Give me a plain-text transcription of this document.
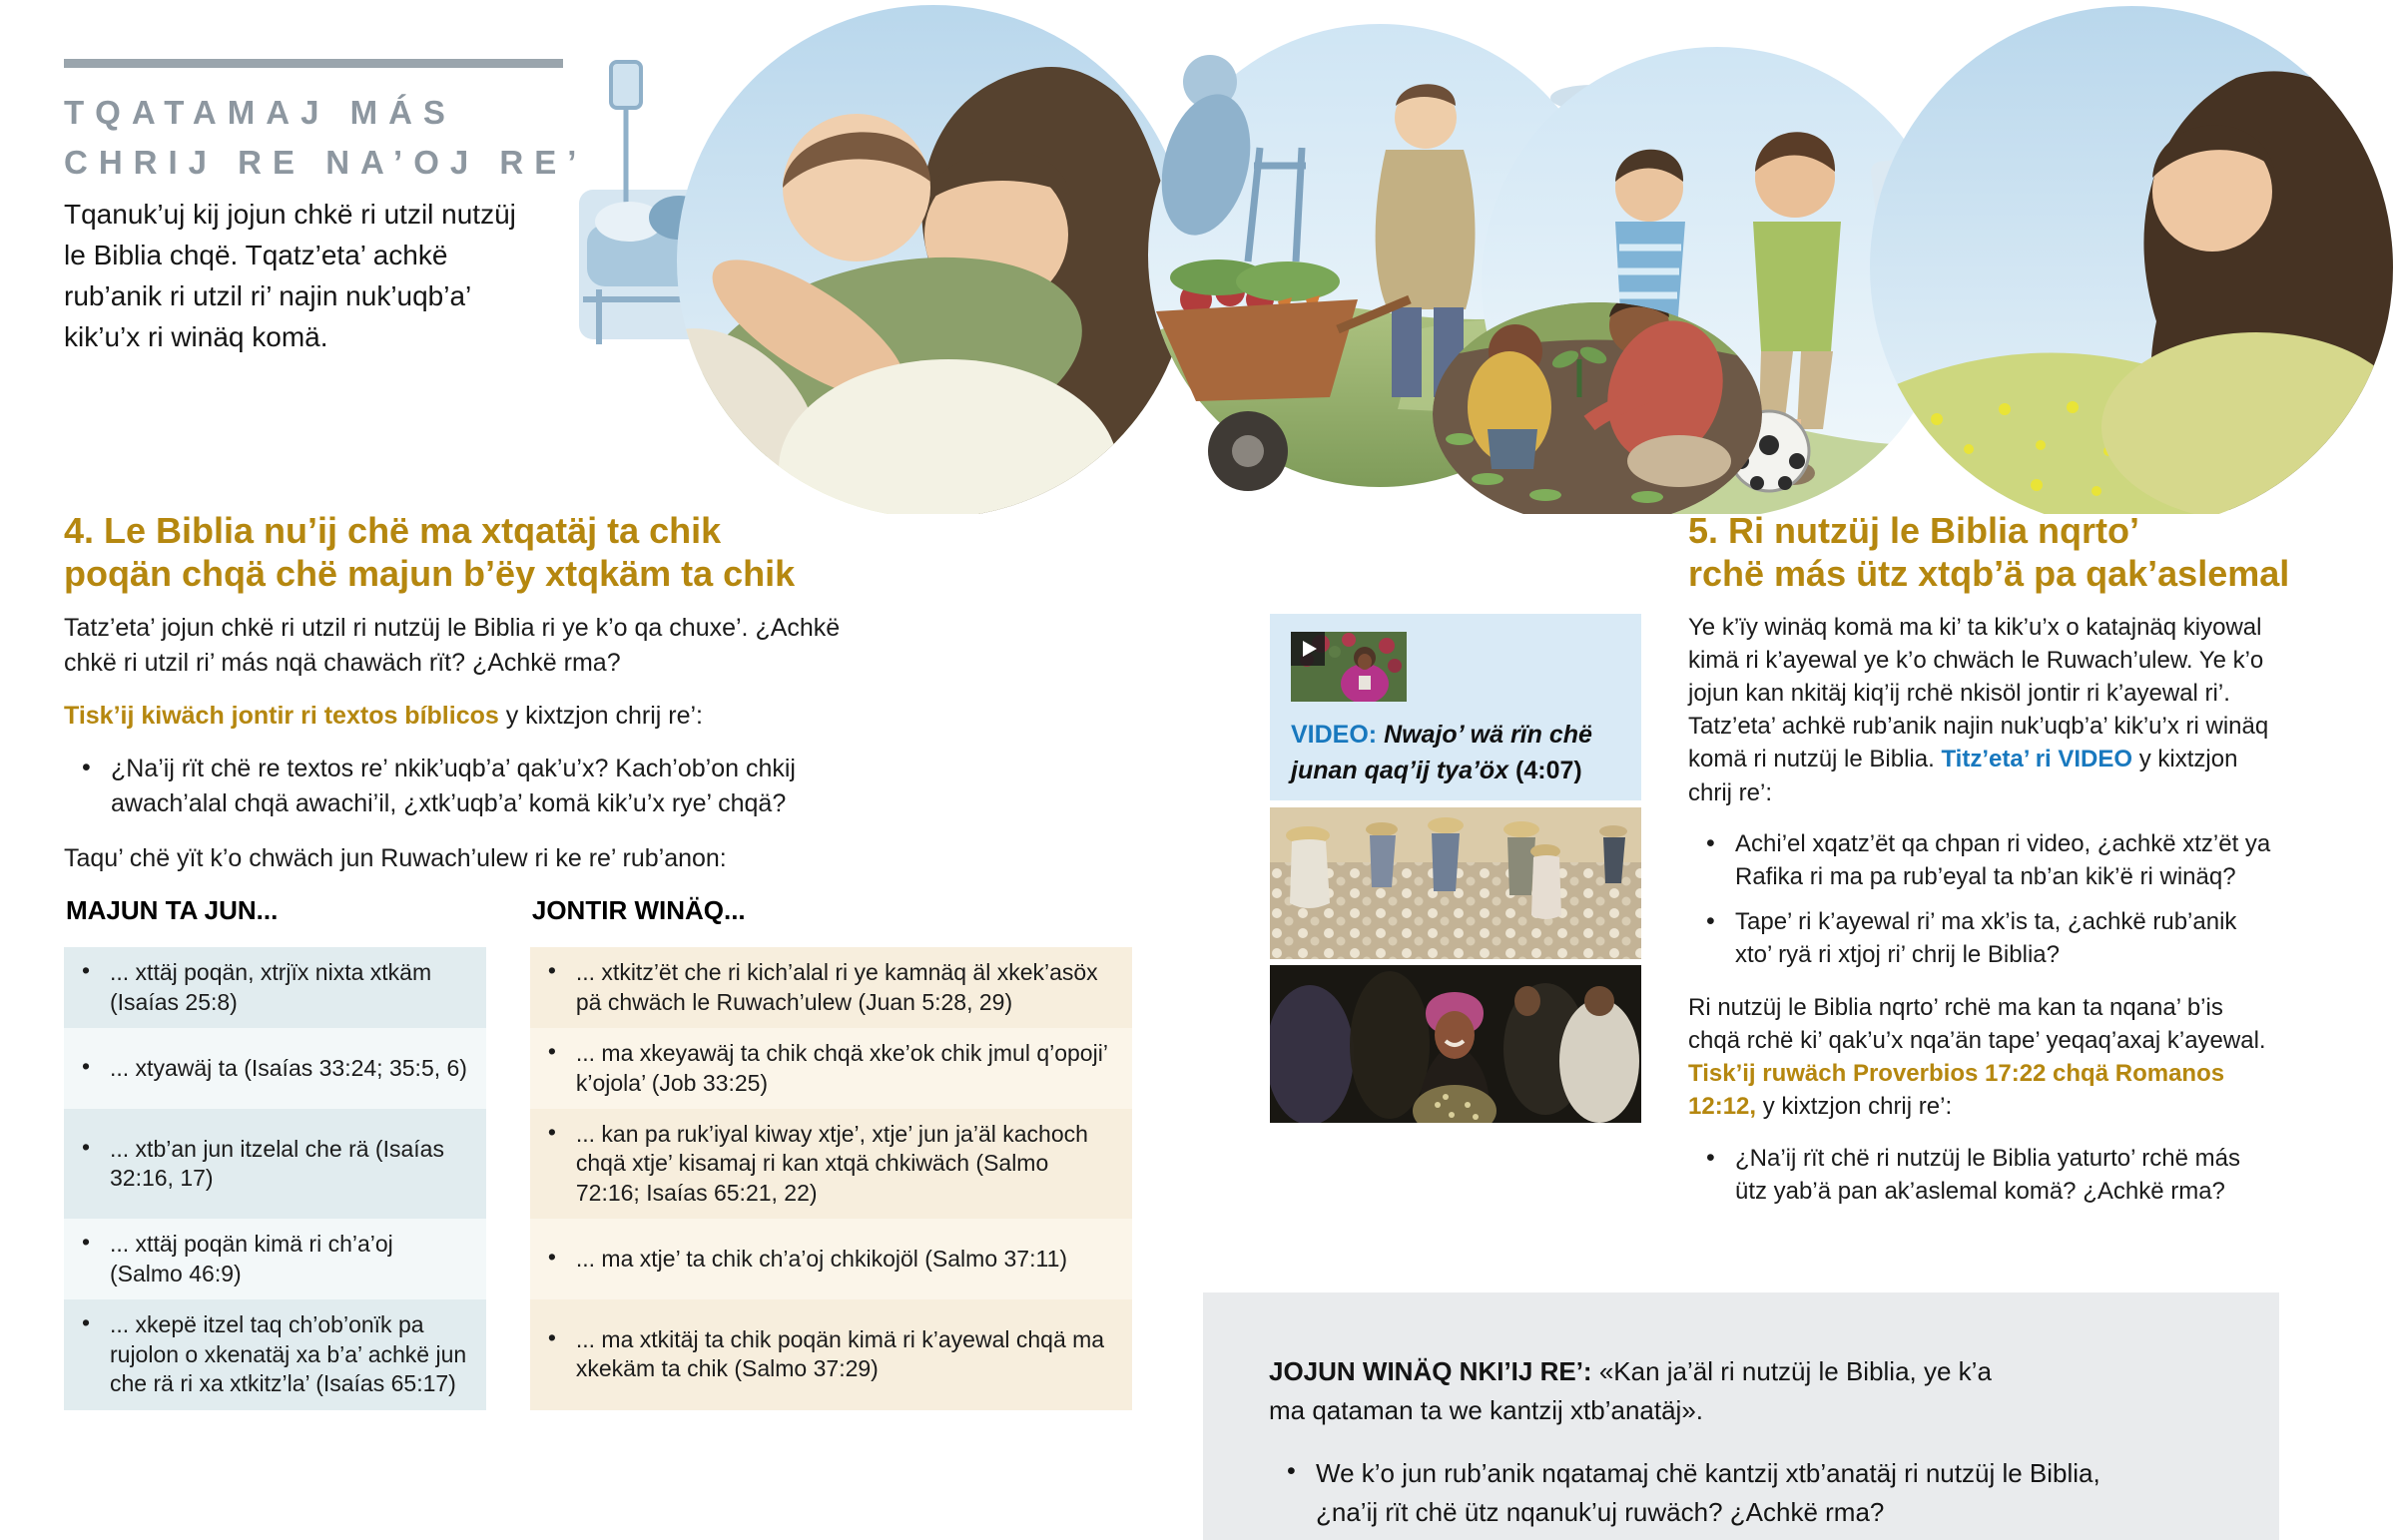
TQATAMAJ MÁS
CHRIJ RE NA’OJ RE’
Tqanuk’uj kij jojun chkë ri utzil nutzüj le Biblia chqë. Tqatz’eta’ achkë rub’anik ri utzil ri’ najin nuk’uqb’a’ kik’u’x ri winäq komä.
4. Le Biblia nu’ij chë ma xtqatäj ta chik
poqän chqä chë majun b’ëy xtqkäm ta chik

Tatz’eta’ jojun chkë ri utzil ri nutzüj le Biblia ri ye k’o qa chuxe’. ¿Achkë chkë ri utzil ri’ más nqä chawäch rït? ¿Achkë rma?

Tisk’ij kiwäch jontir ri textos bíblicos y kixtzjon chrij re’:

• ¿Na’ij rït chë re textos re’ nkik’uqb’a’ qak’u’x? Kach’ob’on chkij awach’alal chqä awachi’il, ¿xtk’uqb’a’ komä kik’u’x rye’ chqä?

Taqu’ chë yït k’o chwäch jun Ruwach’ulew ri ke re’ rub’anon:

MAJUN TA JUN...		JONTIR WINÄQ...

• ... xttäj poqän, xtrjïx nixta xtkäm (Isaías 25:8)		• ... xtkitz’ët che ri kich’alal ri ye kamnäq äl xkek’asöx pä chwäch le Ruwach’ulew (Juan 5:28, 29)

• ... xtyawäj ta (Isaías 33:24; 35:5, 6)		• ... ma xkeyawäj ta chik chqä xke’ok chik jmul q’opoji’ k’ojola’ (Job 33:25)

• ... xtb’an jun itzelal che rä (Isaías 32:16, 17)		• ... kan pa ruk’iyal kiway xtje’, xtje’ jun ja’äl kachoch chqä xtje’ kisamaj ri kan xtqä chkiwäch (Salmo 72:16; Isaías 65:21, 22)

• ... xttäj poqän kimä ri ch’a’oj (Salmo 46:9)		• ... ma xtje’ ta chik ch’a’oj chkikojöl (Salmo 37:11)

• ... xkepë itzel taq ch’ob’onïk pa rujolon o xkenatäj xa b’a’ achkë jun che rä ri xa xtkitz’la’ (Isaías 65:17)		• ... ma xtkitäj ta chik poqän kimä ri k’ayewal chqä ma xkekäm ta chik (Salmo 37:29)
VIDEO: Nwajo’ wä rïn chë junan qaq’ij tya’öx (4:07)
5. Ri nutzüj le Biblia nqrto’
rchë más ütz xtqb’ä pa qak’aslemal

Ye k’ïy winäq komä ma ki’ ta kik’u’x o katajnäq kiyowal kimä ri k’ayewal ye k’o chwäch le Ruwach’ulew. Ye k’o jojun kan nkitäj kiq’ij rchë nkisöl jontir ri k’ayewal ri’. Tatz’eta’ achkë rub’anik najin nuk’uqb’a’ kik’u’x ri winäq komä ri nutzüj le Biblia. Titz’eta’ ri VIDEO y kixtzjon chrij re’:

• Achi’el xqatz’ët qa chpan ri video, ¿achkë xtz’ët ya Rafika ri ma pa rub’eyal ta nb’an kik’ë ri winäq?
• Tape’ ri k’ayewal ri’ ma xk’is ta, ¿achkë rub’anik xto’ ryä ri xtjoj ri’ chrij le Biblia?

Ri nutzüj le Biblia nqrto’ rchë ma kan ta nqana’ b’is chqä rchë ki’ qak’u’x nqa’än tape’ yeqaq’axaj k’ayewal. Tisk’ij ruwäch Proverbios 17:22 chqä Romanos 12:12, y kixtzjon chrij re’:

• ¿Na’ij rït chë ri nutzüj le Biblia yaturto’ rchë más ütz yab’ä pan ak’aslemal komä? ¿Achkë rma?

JOJUN WINÄQ NKI’IJ RE’: «Kan ja’äl ri nutzüj le Biblia, ye k’a ma qataman ta we kantzij xtb’anatäj».

• We k’o jun rub’anik nqatamaj chë kantzij xtb’anatäj ri nutzüj le Biblia, ¿na’ij rït chë ütz nqanuk’uj ruwäch? ¿Achkë rma?
